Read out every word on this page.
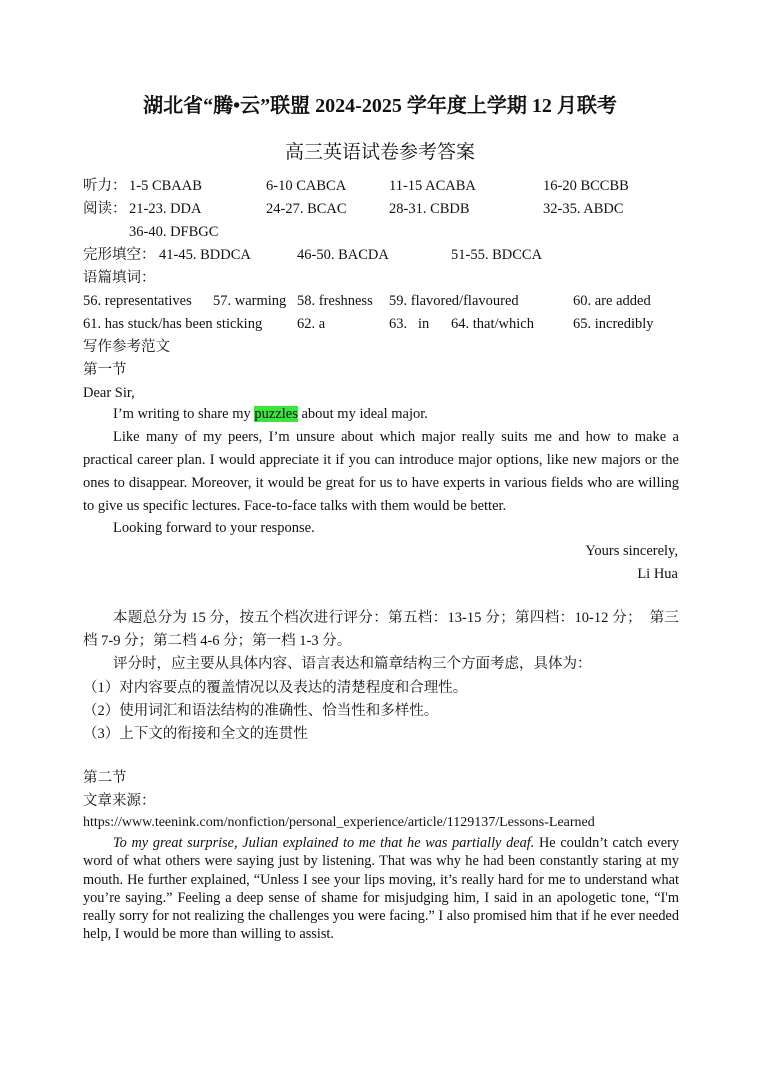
湖北省“腾•云”联盟 2024-2025 学年度上学期 12 月联考
高三英语试卷参考答案
听力： 1-5 CBAAB	6-10 CABCA	11-15 ACABA	16-20 BCCBB
阅读： 21-23. DDA	24-27. BCAC	28-31. CBDB	32-35. ABDC
36-40. DFBGC
完形填空： 41-45. BDDCA	46-50. BACDA	51-55. BDCCA
语篇填词：
56. representatives 57. warming 58. freshness 59. flavored/flavoured	60. are added
61. has stuck/has been sticking 62. a	63.   in 64. that/which	65. incredibly
写作参考范文
第一节
Dear Sir,
I’m writing to share my puzzles about my ideal major.
Like many of my peers, I’m unsure about which major really suits me and how to make a practical career plan. I would appreciate it if you can introduce major options, like new majors or the ones to disappear. Moreover, it would be great for us to have experts in various fields who are willing to give us specific lectures. Face-to-face talks with them would be better.
Looking forward to your response.
Yours sincerely,
Li Hua
本题总分为 15 分，按五个档次进行评分：第五档：13-15 分；第四档：10-12 分；　第三档 7-9 分；第二档 4-6 分；第一档 1-3 分。
评分时，应主要从具体内容、语言表达和篇章结构三个方面考虑，具体为：
（1）对内容要点的覆盖情况以及表达的清楚程度和合理性。
（2）使用词汇和语法结构的准确性、恰当性和多样性。
（3）上下文的衔接和全文的连贯性
第二节
文章来源：
https://www.teenink.com/nonfiction/personal_experience/article/1129137/Lessons-Learned
To my great surprise, Julian explained to me that he was partially deaf. He couldn’t catch every word of what others were saying just by listening. That was why he had been constantly staring at my mouth. He further explained, “Unless I see your lips moving, it’s really hard for me to understand what you’re saying.” Feeling a deep sense of shame for misjudging him, I said in an apologetic tone, “I'm really sorry for not realizing the challenges you were facing.” I also promised him that if he ever needed help, I would be more than willing to assist.
